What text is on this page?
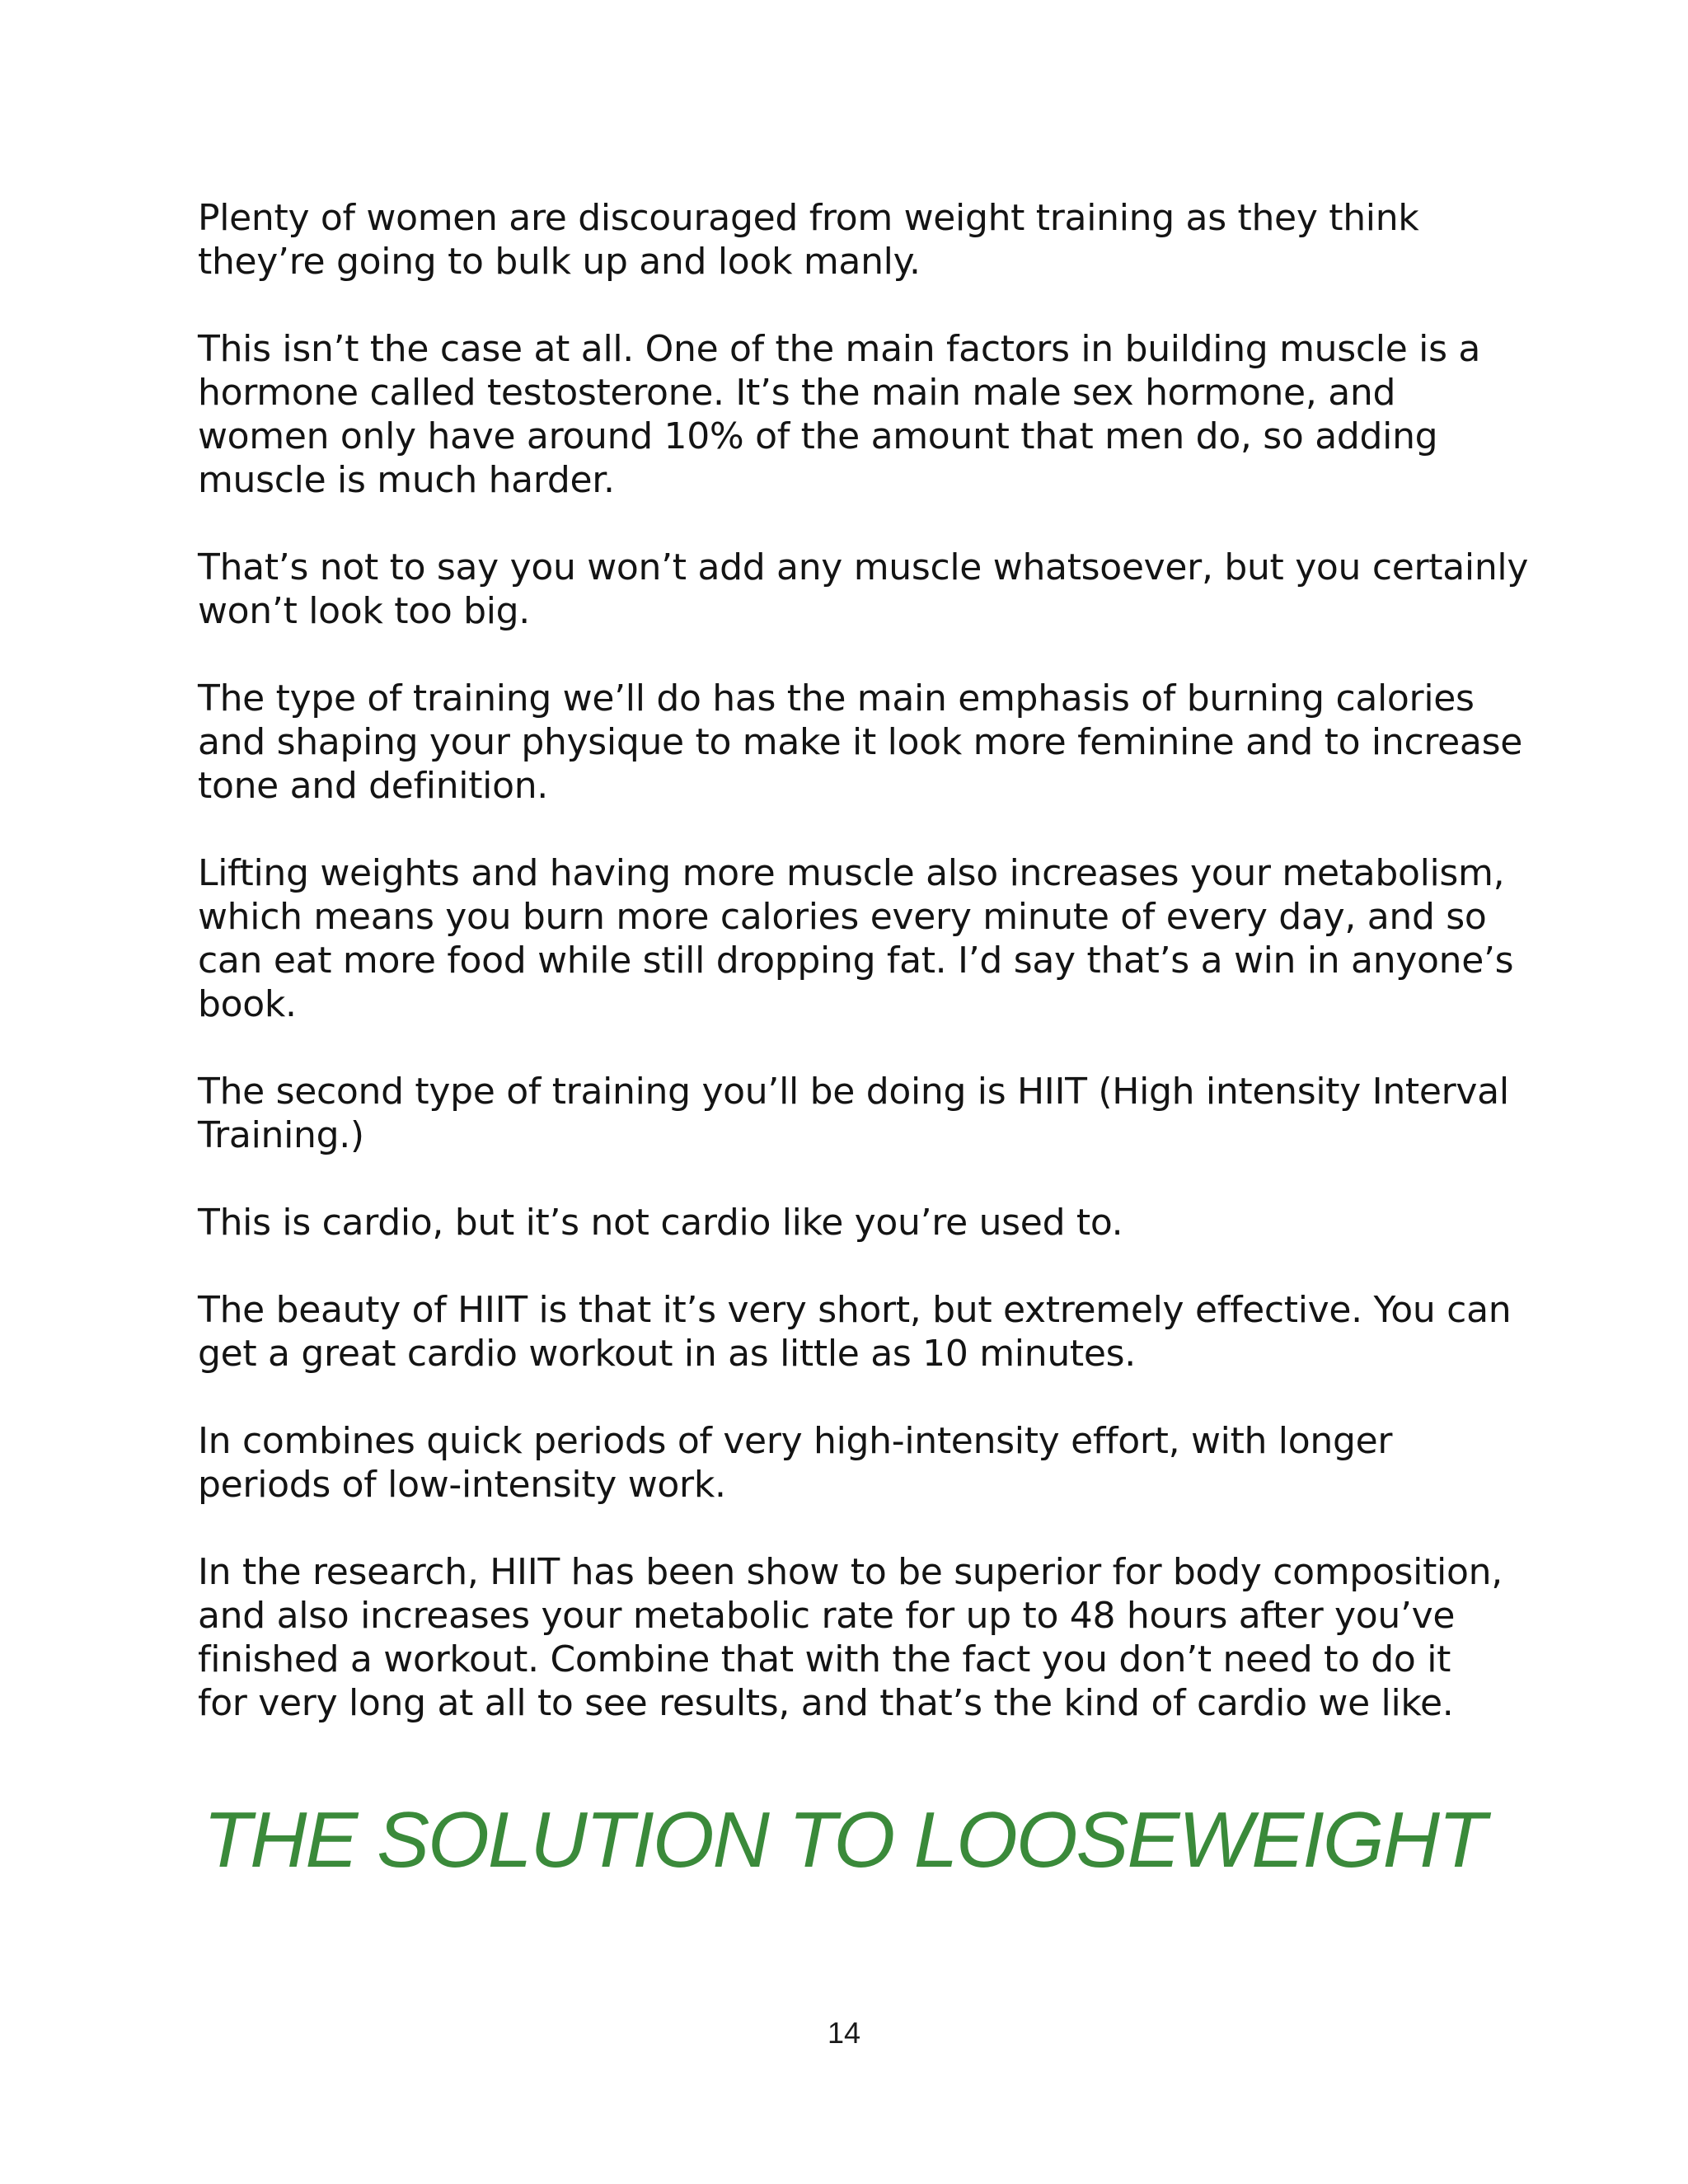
Plenty of women are discouraged from weight training as they think
they’re going to bulk up and look manly.

This isn’t the case at all. One of the main factors in building muscle is a
hormone called testosterone. It’s the main male sex hormone, and
women only have around 10% of the amount that men do, so adding
muscle is much harder.

That’s not to say you won’t add any muscle whatsoever, but you certainly
won’t look too big.

The type of training we’ll do has the main emphasis of burning calories
and shaping your physique to make it look more feminine and to increase
tone and definition.

Lifting weights and having more muscle also increases your metabolism,
which means you burn more calories every minute of every day, and so
can eat more food while still dropping fat. I’d say that’s a win in anyone’s
book.

The second type of training you’ll be doing is HIIT (High intensity Interval
Training.)

This is cardio, but it’s not cardio like you’re used to.

The beauty of HIIT is that it’s very short, but extremely effective. You can
get a great cardio workout in as little as 10 minutes.

In combines quick periods of very high-intensity effort, with longer
periods of low-intensity work.

In the research, HIIT has been show to be superior for body composition,
and also increases your metabolic rate for up to 48 hours after you’ve
finished a workout. Combine that with the fact you don’t need to do it
for very long at all to see results, and that’s the kind of cardio we like.

THE SOLUTION TO LOOSEWEIGHT
14
